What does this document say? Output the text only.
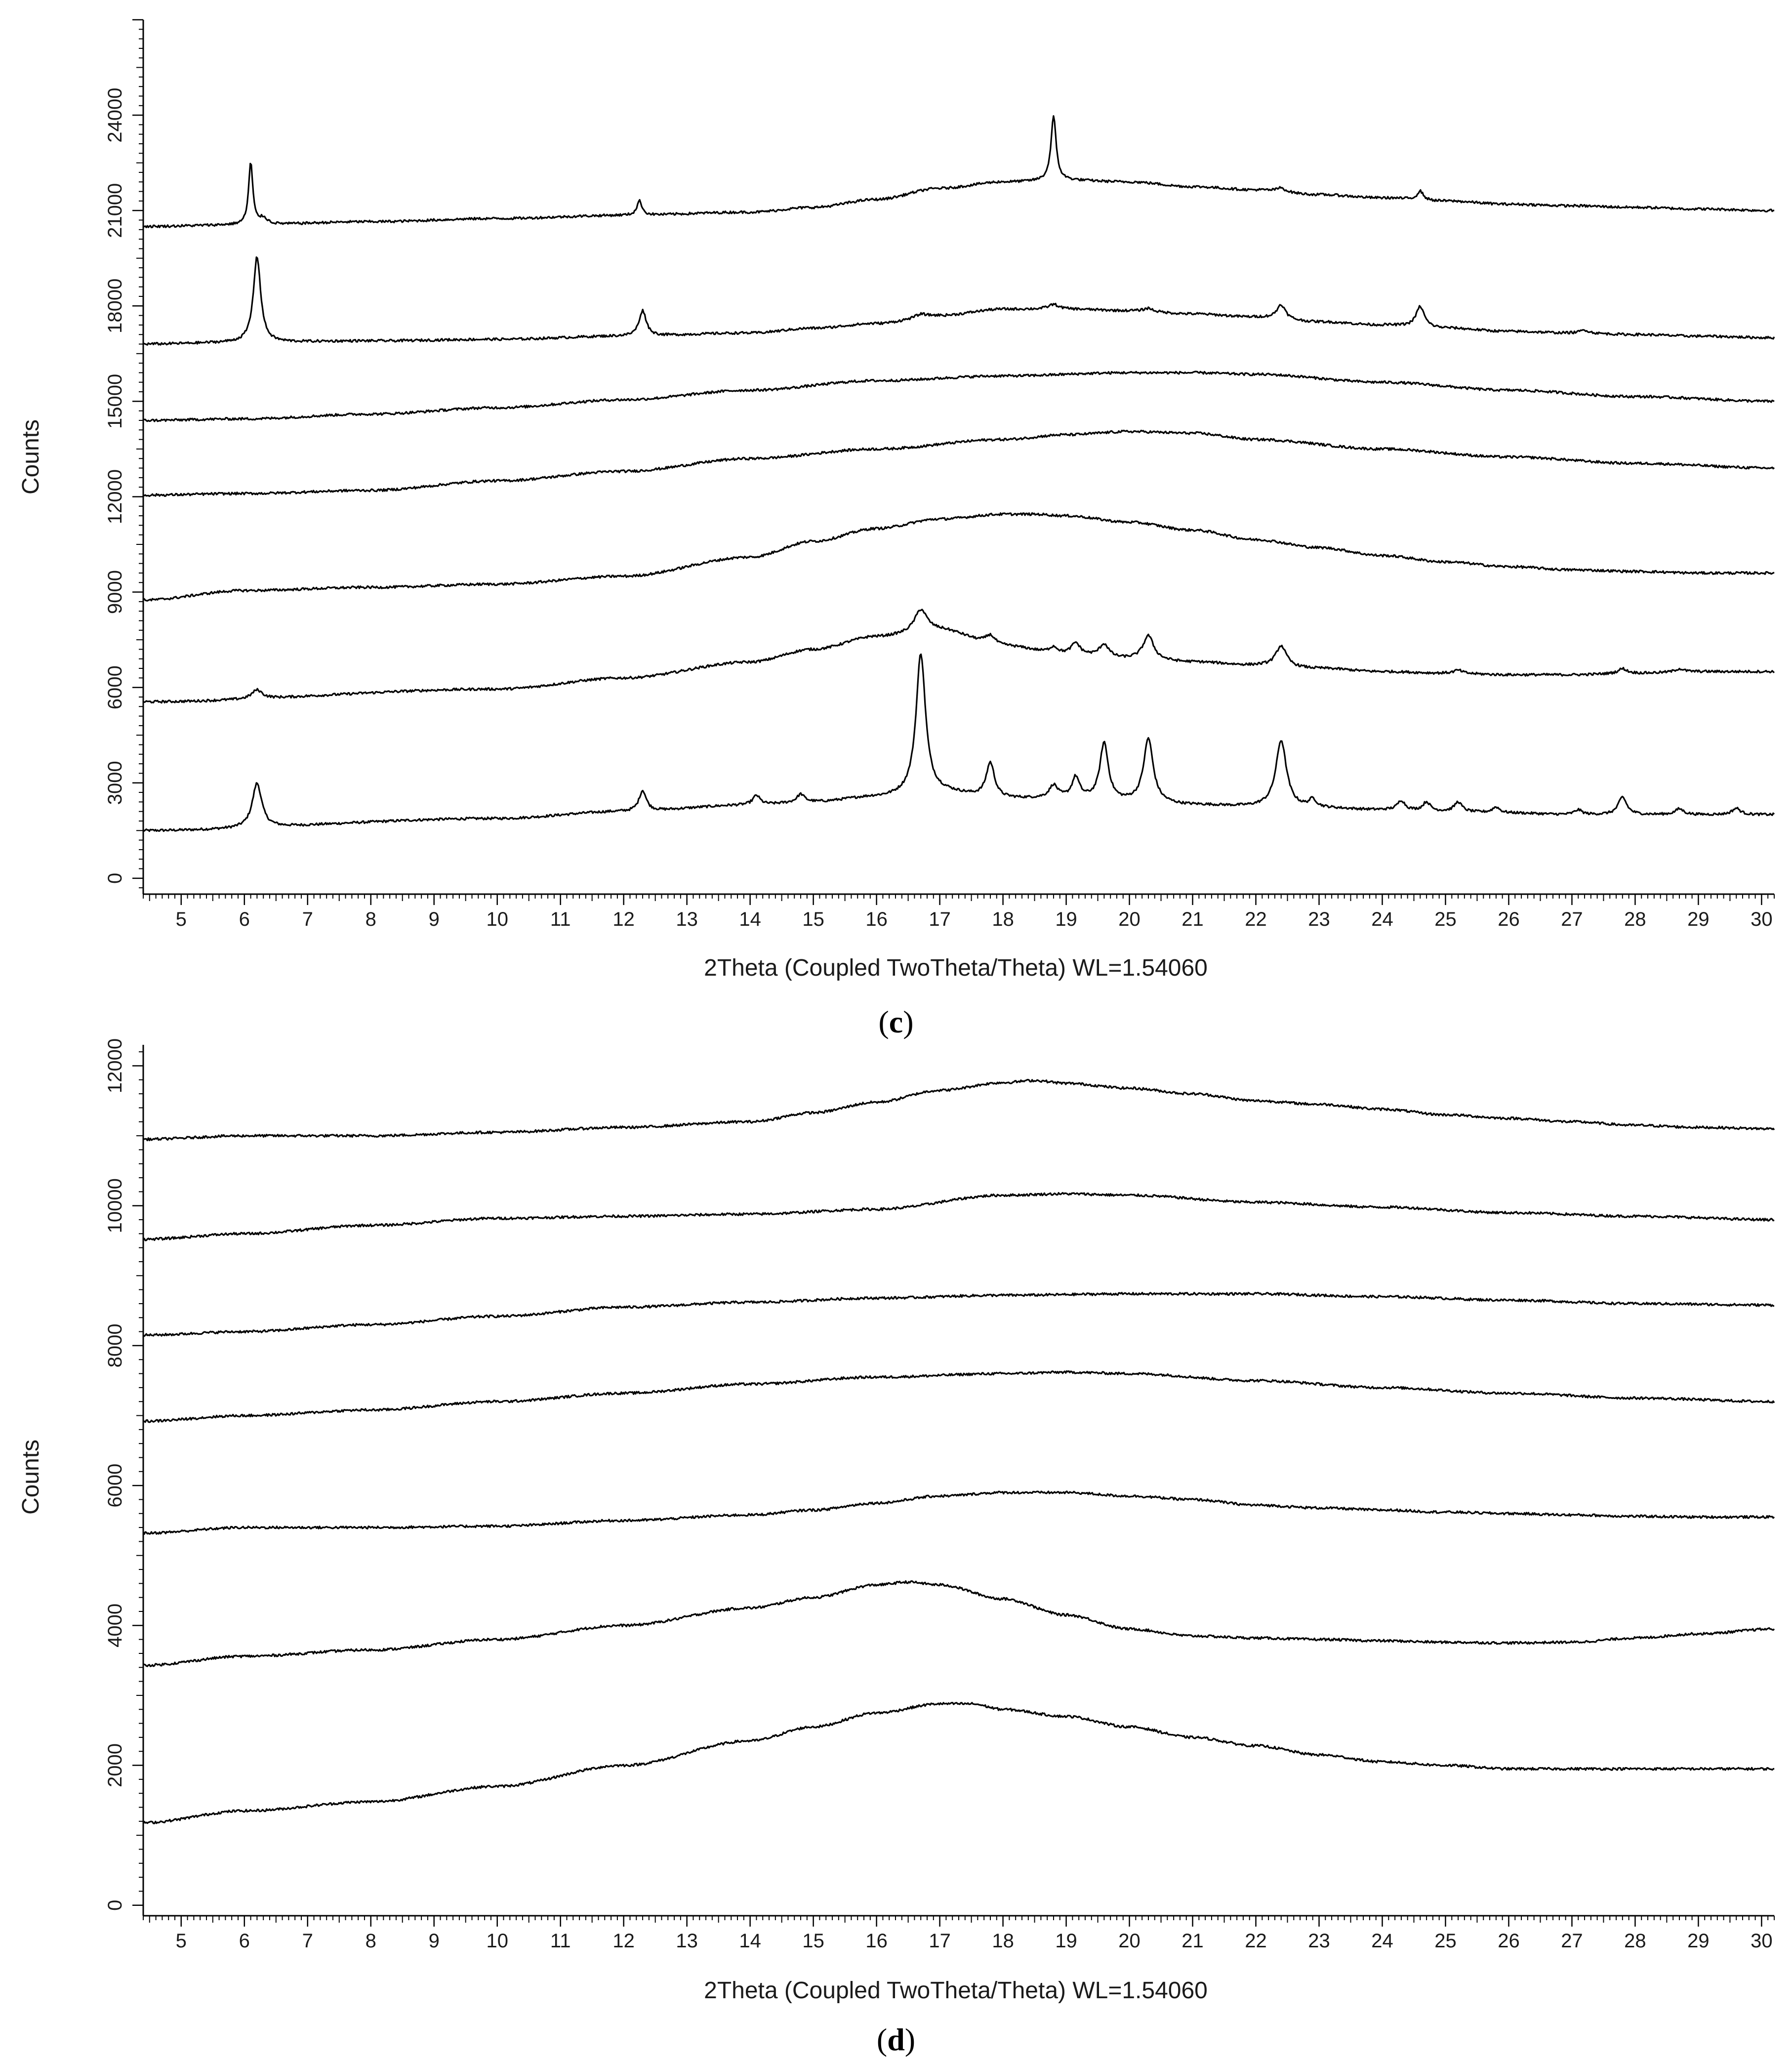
0
3000
6000
9000
12000
15000
18000
21000
24000
5	6	7	8	9 10 11 12 13 14 15 16 17 18 19 20 21 22 23 24 25 26 27 28 29 30
Counts
2Theta (Coupled TwoTheta/Theta) WL=1.54060
(c)
0
2000
4000
6000
8000
10000
12000
5	6	7	8	9 10 11 12 13 14 15 16 17 18 19 20 21 22 23 24 25 26 27 28 29 30
Counts
2Theta (Coupled TwoTheta/Theta) WL=1.54060
(d)
